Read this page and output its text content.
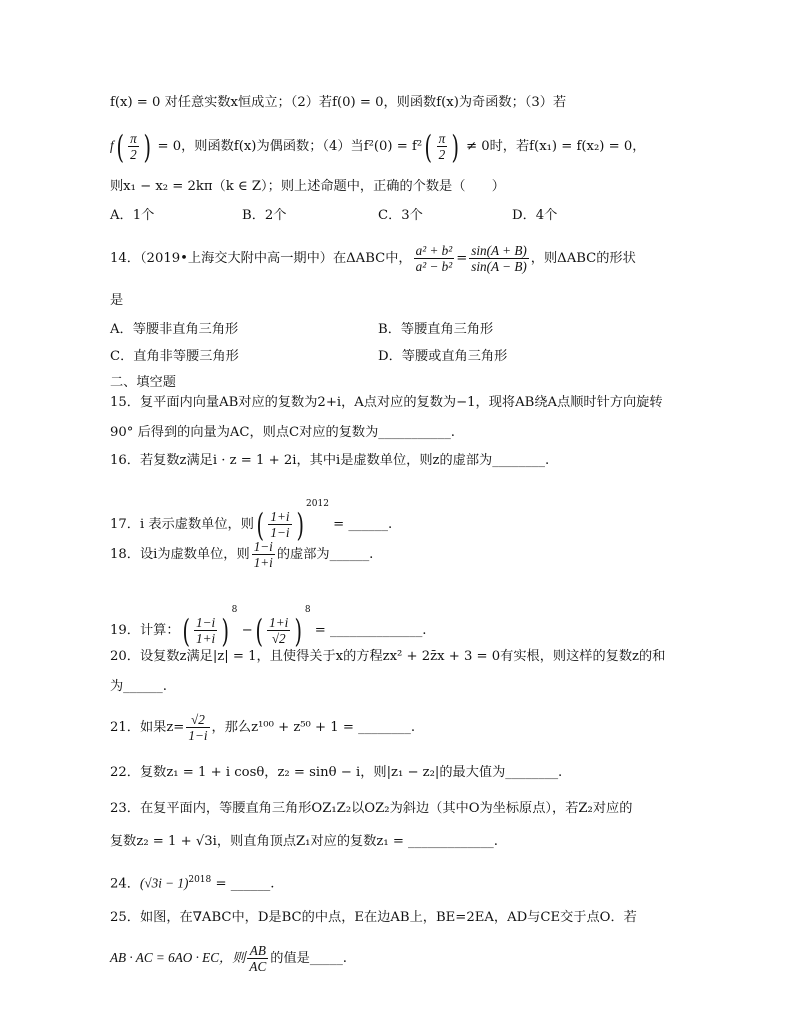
f(x) = 0 对任意实数x恒成立；（2）若f(0) = 0，则函数f(x)为奇函数；（3）若
$f( \frac{\pi}{2}$ ) = 0，则函数f(x)为偶函数；（4）当$f^2(0) = f^2( \frac{\pi}{2}$ ) ≠ 0时，若f(x₁) = f(x₂) = 0，
则x₁ − x₂ = 2kπ（k ∈ Z）；则上述命题中，正确的个数是（　　）
A．1个	B．2个	C．3个	D．4个
14．（2019•上海交大附中高一期中）在ΔABC中， $\frac{\text{a² + b²}}{\text{a² − b²}} = \frac{\sin(A + B)}{\sin(A - B)}$ ，则ΔABC的形状
是
A．等腰非直角三角形	B．等腰直角三角形
C．直角非等腰三角形	D．等腰或直角三角形
二、填空题
15．复平面内向量AB对应的复数为2+i，A点对应的复数为−1，现将AB绕A点顺时针方向旋转
90° 后得到的向量为AC，则点C对应的复数为___________.
16．若复数z满足i · z = 1 + 2i，其中i是虚数单位，则z的虚部为________.
17．i 表示虚数单位，则( $\frac{1+i}{1-i} )^{2012}$ = ______.
18．设i为虚数单位，则 $\frac{1-i}{1+i}$ 的虚部为______.
19．计算：( $\frac{1-i}{1+i} )^8$ −( $\frac{1+i}{√2} )^8$ = ______________.
20．设复数z满足|z| = 1，且使得关于x的方程zx² + 2z̄x + 3 = 0有实根，则这样的复数z的和
为______.
21．如果$z= \frac{√2}{1-i}$ ，那么z¹⁰⁰ + z⁵⁰ + 1 = ________.
22．复数z₁ = 1 + i cosθ，z₂ = sinθ − i，则|z₁ − z₂|的最大值为________.
23．在复平面内，等腰直角三角形OZ₁Z₂以OZ₂为斜边（其中O为坐标原点），若Z₂对应的
复数z₂ = 1 + √3i，则直角顶点Z₁对应的复数z₁ = _____________.
24．$(√3i - 1)^{2018}$ = ______.
25．如图，在∇ABC中，D是BC的中点，E在边AB上，BE=2EA，AD与CE交于点O．若
AB · AC = 6AO · EC，则 $\frac{AB}{AC}$ 的值是_____.
